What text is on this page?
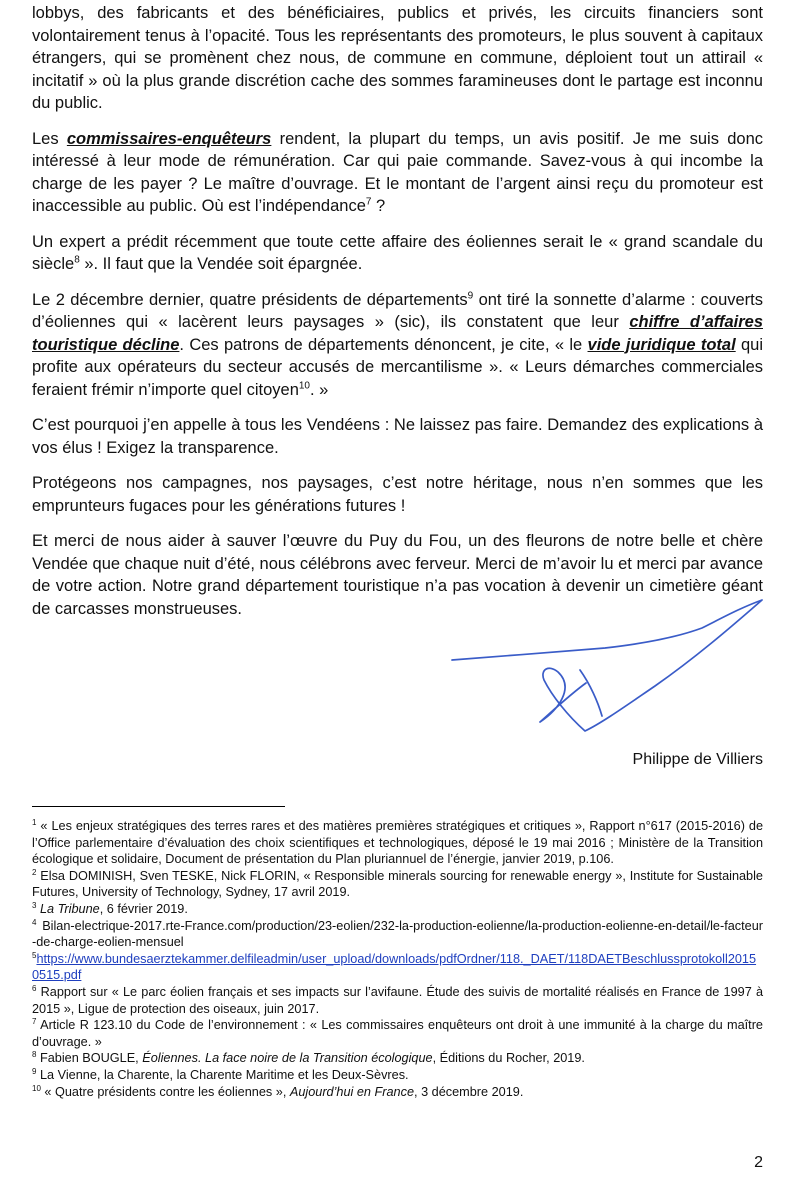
lobbys, des fabricants et des bénéficiaires, publics et privés, les circuits financiers sont volontairement tenus à l’opacité. Tous les représentants des promoteurs, le plus souvent à capitaux étrangers, qui se promènent chez nous, de commune en commune, déploient tout un attirail « incitatif » où la plus grande discrétion cache des sommes faramineuses dont le partage est inconnu du public.

Les commissaires-enquêteurs rendent, la plupart du temps, un avis positif. Je me suis donc intéressé à leur mode de rémunération. Car qui paie commande. Savez-vous à qui incombe la charge de les payer ? Le maître d’ouvrage. Et le montant de l’argent ainsi reçu du promoteur est inaccessible au public. Où est l’indépendance$^7$ ?

Un expert a prédit récemment que toute cette affaire des éoliennes serait le « grand scandale du siècle$^8$ ». Il faut que la Vendée soit épargnée.

Le 2 décembre dernier, quatre présidents de départements$^9$ ont tiré la sonnette d’alarme : couverts d’éoliennes qui « lacèrent leurs paysages » (sic), ils constatent que leur chiffre d’affaires touristique décline. Ces patrons de départements dénoncent, je cite, « le vide juridique total qui profite aux opérateurs du secteur accusés de mercantilisme ». « Leurs démarches commerciales feraient frémir n’importe quel citoyen$^{10}$. »

C’est pourquoi j’en appelle à tous les Vendéens : Ne laissez pas faire. Demandez des explications à vos élus ! Exigez la transparence.

Protégeons nos campagnes, nos paysages, c’est notre héritage, nous n’en sommes que les emprunteurs fugaces pour les générations futures !

Et merci de nous aider à sauver l’œuvre du Puy du Fou, un des fleurons de notre belle et chère Vendée que chaque nuit d’été, nous célébrons avec ferveur. Merci de m’avoir lu et merci par avance de votre action. Notre grand département touristique n’a pas vocation à devenir un cimetière géant de carcasses monstrueuses.

Philippe de Villiers

$^1$ « Les enjeux stratégiques des terres rares et des matières premières stratégiques et critiques », Rapport n°617 (2015-2016) de l’Office parlementaire d’évaluation des choix scientifiques et technologiques, déposé le 19 mai 2016 ; Ministère de la Transition écologique et solidaire, Document de présentation du Plan pluriannuel de l’énergie, janvier 2019, p.106.

$^2$ Elsa DOMINISH, Sven TESKE, Nick FLORIN, « Responsible minerals sourcing for renewable energy », Institute for Sustainable Futures, University of Technology, Sydney, 17 avril 2019.

$^3$ La Tribune, 6 février 2019.

$^4$ Bilan-electrique-2017.rte-France.com/production/23-eolien/232-la-production-eolienne/la-production-eolienne-en-detail/le-facteur-de-charge-eolien-mensuel

$^5$https://www.bundesaerztekammer.delfileadmin/user_upload/downloads/pdfOrdner/118._DAET/118DAETBeschlussprotokoll20150515.pdf

$^6$ Rapport sur « Le parc éolien français et ses impacts sur l’avifaune. Étude des suivis de mortalité réalisés en France de 1997 à 2015 », Ligue de protection des oiseaux, juin 2017.

$^7$ Article R 123.10 du Code de l’environnement : « Les commissaires enquêteurs ont droit à une immunité à la charge du maître d’ouvrage. »

$^8$ Fabien BOUGLE, Éoliennes. La face noire de la Transition écologique, Éditions du Rocher, 2019.

$^9$ La Vienne, la Charente, la Charente Maritime et les Deux-Sèvres.

$^{10}$ « Quatre présidents contre les éoliennes », Aujourd’hui en France, 3 décembre 2019.

2
